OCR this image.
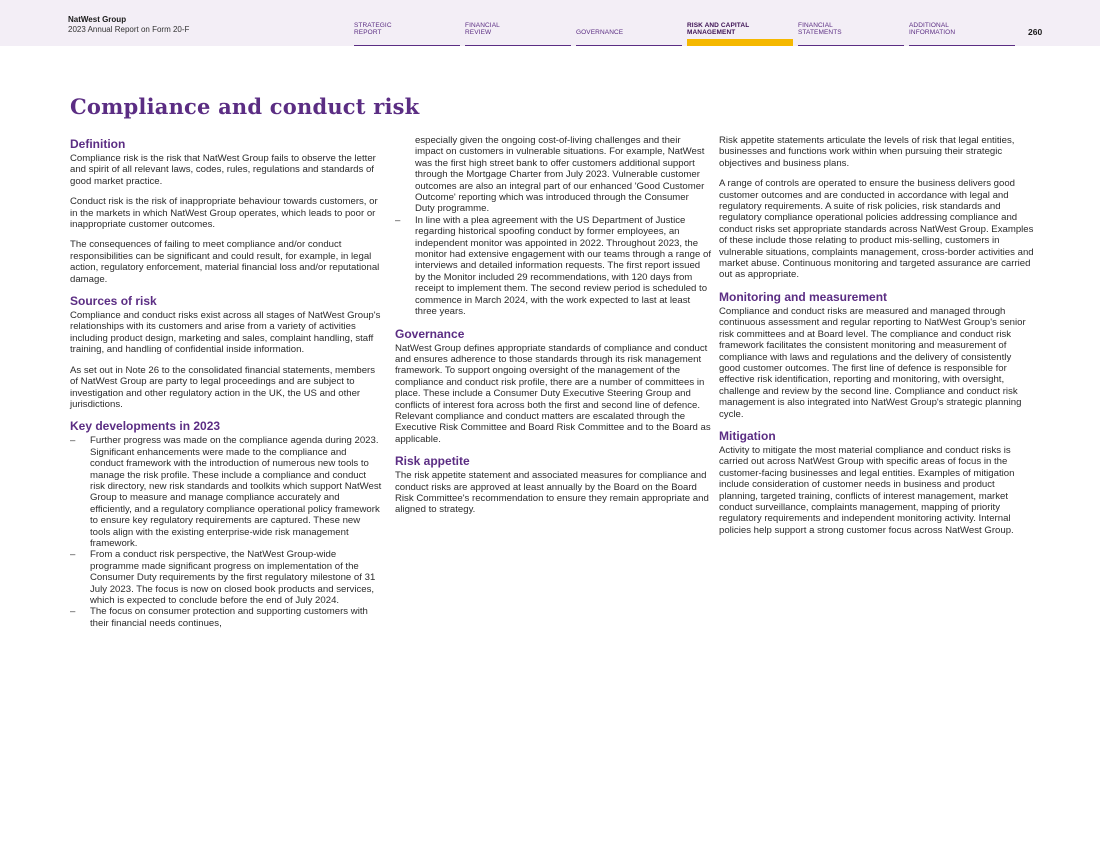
NatWest Group
2023 Annual Report on Form 20-F	STRATEGIC
REPORT
FINANCIAL
REVIEW	GOVERNANCE
RISK AND CAPITAL
MANAGEMENT
FINANCIAL
STATEMENTS
ADDITIONAL
INFORMATION	260
Compliance and conduct risk
Definition

Compliance risk is the risk that NatWest Group fails to observe the letter and spirit of all relevant laws, codes, rules, regulations and standards of good market practice.

Conduct risk is the risk of inappropriate behaviour towards customers, or in the markets in which NatWest Group operates, which leads to poor or inappropriate customer outcomes.

The consequences of failing to meet compliance and/or conduct responsibilities can be significant and could result, for example, in legal action, regulatory enforcement, material financial loss and/or reputational damage.

Sources of risk

Compliance and conduct risks exist across all stages of NatWest Group's relationships with its customers and arise from a variety of activities including product design, marketing and sales, complaint handling, staff training, and handling of confidential inside information.

As set out in Note 26 to the consolidated financial statements, members of NatWest Group are party to legal proceedings and are subject to investigation and other regulatory action in the UK, the US and other jurisdictions.

Key developments in 2023
– Further progress was made on the compliance agenda during 2023. Significant enhancements were made to the compliance and conduct framework with the introduction of numerous new tools to manage the risk profile. These include a compliance and conduct risk directory, new risk standards and toolkits which support NatWest Group to measure and manage compliance accurately and efficiently, and a regulatory compliance operational policy framework to ensure key regulatory requirements are captured. These new tools align with the existing enterprise-wide risk management framework.
– From a conduct risk perspective, the NatWest Group-wide programme made significant progress on implementation of the Consumer Duty requirements by the first regulatory milestone of 31 July 2023. The focus is now on closed book products and services, which is expected to conclude before the end of July 2024.
– The focus on consumer protection and supporting customers with their financial needs continues,

especially given the ongoing cost-of-living challenges and their impact on customers in vulnerable situations. For example, NatWest was the first high street bank to offer customers additional support through the Mortgage Charter from July 2023. Vulnerable customer outcomes are also an integral part of our enhanced 'Good Customer Outcome' reporting which was introduced through the Consumer Duty programme.

– In line with a plea agreement with the US Department of Justice regarding historical spoofing conduct by former employees, an independent monitor was appointed in 2022. Throughout 2023, the monitor had extensive engagement with our teams through a range of interviews and detailed information requests. The first report issued by the Monitor included 29 recommendations, with 120 days from receipt to implement them. The second review period is scheduled to commence in March 2024, with the work expected to last at least three years.
Governance

NatWest Group defines appropriate standards of compliance and conduct and ensures adherence to those standards through its risk management framework. To support ongoing oversight of the management of the compliance and conduct risk profile, there are a number of committees in place. These include a Consumer Duty Executive Steering Group and conflicts of interest fora across both the first and second line of defence. Relevant compliance and conduct matters are escalated through the Executive Risk Committee and Board Risk Committee and to the Board as applicable.

Risk appetite

The risk appetite statement and associated measures for compliance and conduct risks are approved at least annually by the Board on the Board Risk Committee's recommendation to ensure they remain appropriate and aligned to strategy.

Risk appetite statements articulate the levels of risk that legal entities, businesses and functions work within when pursuing their strategic objectives and business plans.

A range of controls are operated to ensure the business delivers good customer outcomes and are conducted in accordance with legal and regulatory requirements. A suite of risk policies, risk standards and regulatory compliance operational policies addressing compliance and conduct risks set appropriate standards across NatWest Group. Examples of these include those relating to product mis-selling, customers in vulnerable situations, complaints management, cross-border activities and market abuse. Continuous monitoring and targeted assurance are carried out as appropriate.

Monitoring and measurement

Compliance and conduct risks are measured and managed through continuous assessment and regular reporting to NatWest Group's senior risk committees and at Board level. The compliance and conduct risk framework facilitates the consistent monitoring and measurement of compliance with laws and regulations and the delivery of consistently good customer outcomes. The first line of defence is responsible for effective risk identification, reporting and monitoring, with oversight, challenge and review by the second line. Compliance and conduct risk management is also integrated into NatWest Group's strategic planning cycle.

Mitigation

Activity to mitigate the most material compliance and conduct risks is carried out across NatWest Group with specific areas of focus in the customer-facing businesses and legal entities. Examples of mitigation include consideration of customer needs in business and product planning, targeted training, conflicts of interest management, market conduct surveillance, complaints management, mapping of priority regulatory requirements and independent monitoring activity. Internal policies help support a strong customer focus across NatWest Group.
